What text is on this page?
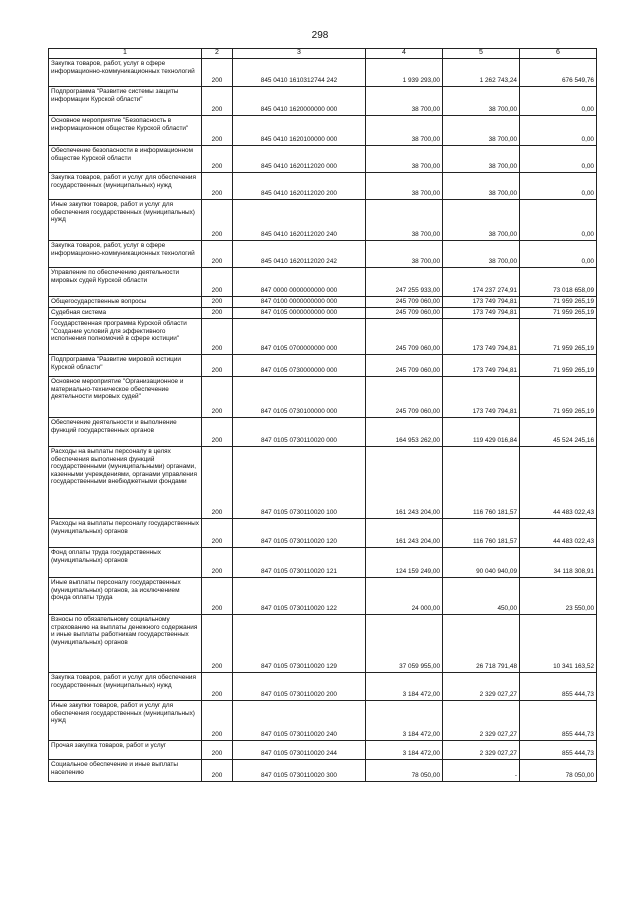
298
1	2	3	4	5	6
Закупка товаров, работ, услуг в сфере информационно-коммуникационных технологий	200	845 0410 1610312744 242	1 939 293,00	1 262 743,24	676 549,76
Подпрограмма "Развитие системы защиты информации Курской области"	200	845 0410 1620000000 000	38 700,00	38 700,00	0,00
Основное мероприятие "Безопасность в информационном обществе Курской области"	200	845 0410 1620100000 000	38 700,00	38 700,00	0,00
Обеспечение безопасности в информационном обществе Курской области	200	845 0410 1620112020 000	38 700,00	38 700,00	0,00
Закупка товаров, работ и услуг для обеспечения государственных (муниципальных) нужд	200	845 0410 1620112020 200	38 700,00	38 700,00	0,00
Иные закупки товаров, работ и услуг для обеспечения государственных (муниципальных) нужд	200	845 0410 1620112020 240	38 700,00	38 700,00	0,00
Закупка товаров, работ, услуг в сфере информационно-коммуникационных технологий	200	845 0410 1620112020 242	38 700,00	38 700,00	0,00
Управление по обеспечению деятельности мировых судей Курской области	200	847 0000 0000000000 000	247 255 933,00	174 237 274,91	73 018 658,09
Общегосударственные вопросы	200	847 0100 0000000000 000	245 709 060,00	173 749 794,81	71 959 265,19
Судебная система	200	847 0105 0000000000 000	245 709 060,00	173 749 794,81	71 959 265,19
Государственная программа Курской области "Создание условий для эффективного исполнения полномочий в сфере юстиции"	200	847 0105 0700000000 000	245 709 060,00	173 749 794,81	71 959 265,19
Подпрограмма "Развитие мировой юстиции Курской области"	200	847 0105 0730000000 000	245 709 060,00	173 749 794,81	71 959 265,19
Основное мероприятие "Организационное и материально-техническое обеспечение деятельности мировых судей"	200	847 0105 0730100000 000	245 709 060,00	173 749 794,81	71 959 265,19
Обеспечение деятельности и выполнение функций государственных органов	200	847 0105 0730110020 000	164 953 262,00	119 429 016,84	45 524 245,16
Расходы на выплаты персоналу в целях обеспечения выполнения функций государственными (муниципальными) органами, казенными учреждениями, органами управления государственными внебюджетными фондами	200	847 0105 0730110020 100	161 243 204,00	116 760 181,57	44 483 022,43
Расходы на выплаты персоналу государственных (муниципальных) органов	200	847 0105 0730110020 120	161 243 204,00	116 760 181,57	44 483 022,43
Фонд оплаты труда государственных (муниципальных) органов	200	847 0105 0730110020 121	124 159 249,00	90 040 940,09	34 118 308,91
Иные выплаты персоналу государственных (муниципальных) органов, за исключением фонда оплаты труда	200	847 0105 0730110020 122	24 000,00	450,00	23 550,00
Взносы по обязательному социальному страхованию на выплаты денежного содержания и иные выплаты работникам государственных (муниципальных) органов	200	847 0105 0730110020 129	37 059 955,00	26 718 791,48	10 341 163,52
Закупка товаров, работ и услуг для обеспечения государственных (муниципальных) нужд	200	847 0105 0730110020 200	3 184 472,00	2 329 027,27	855 444,73
Иные закупки товаров, работ и услуг для обеспечения государственных (муниципальных) нужд	200	847 0105 0730110020 240	3 184 472,00	2 329 027,27	855 444,73
Прочая закупка товаров, работ и услуг	200	847 0105 0730110020 244	3 184 472,00	2 329 027,27	855 444,73
Социальное обеспечение и иные выплаты населению	200	847 0105 0730110020 300	78 050,00	-	78 050,00
